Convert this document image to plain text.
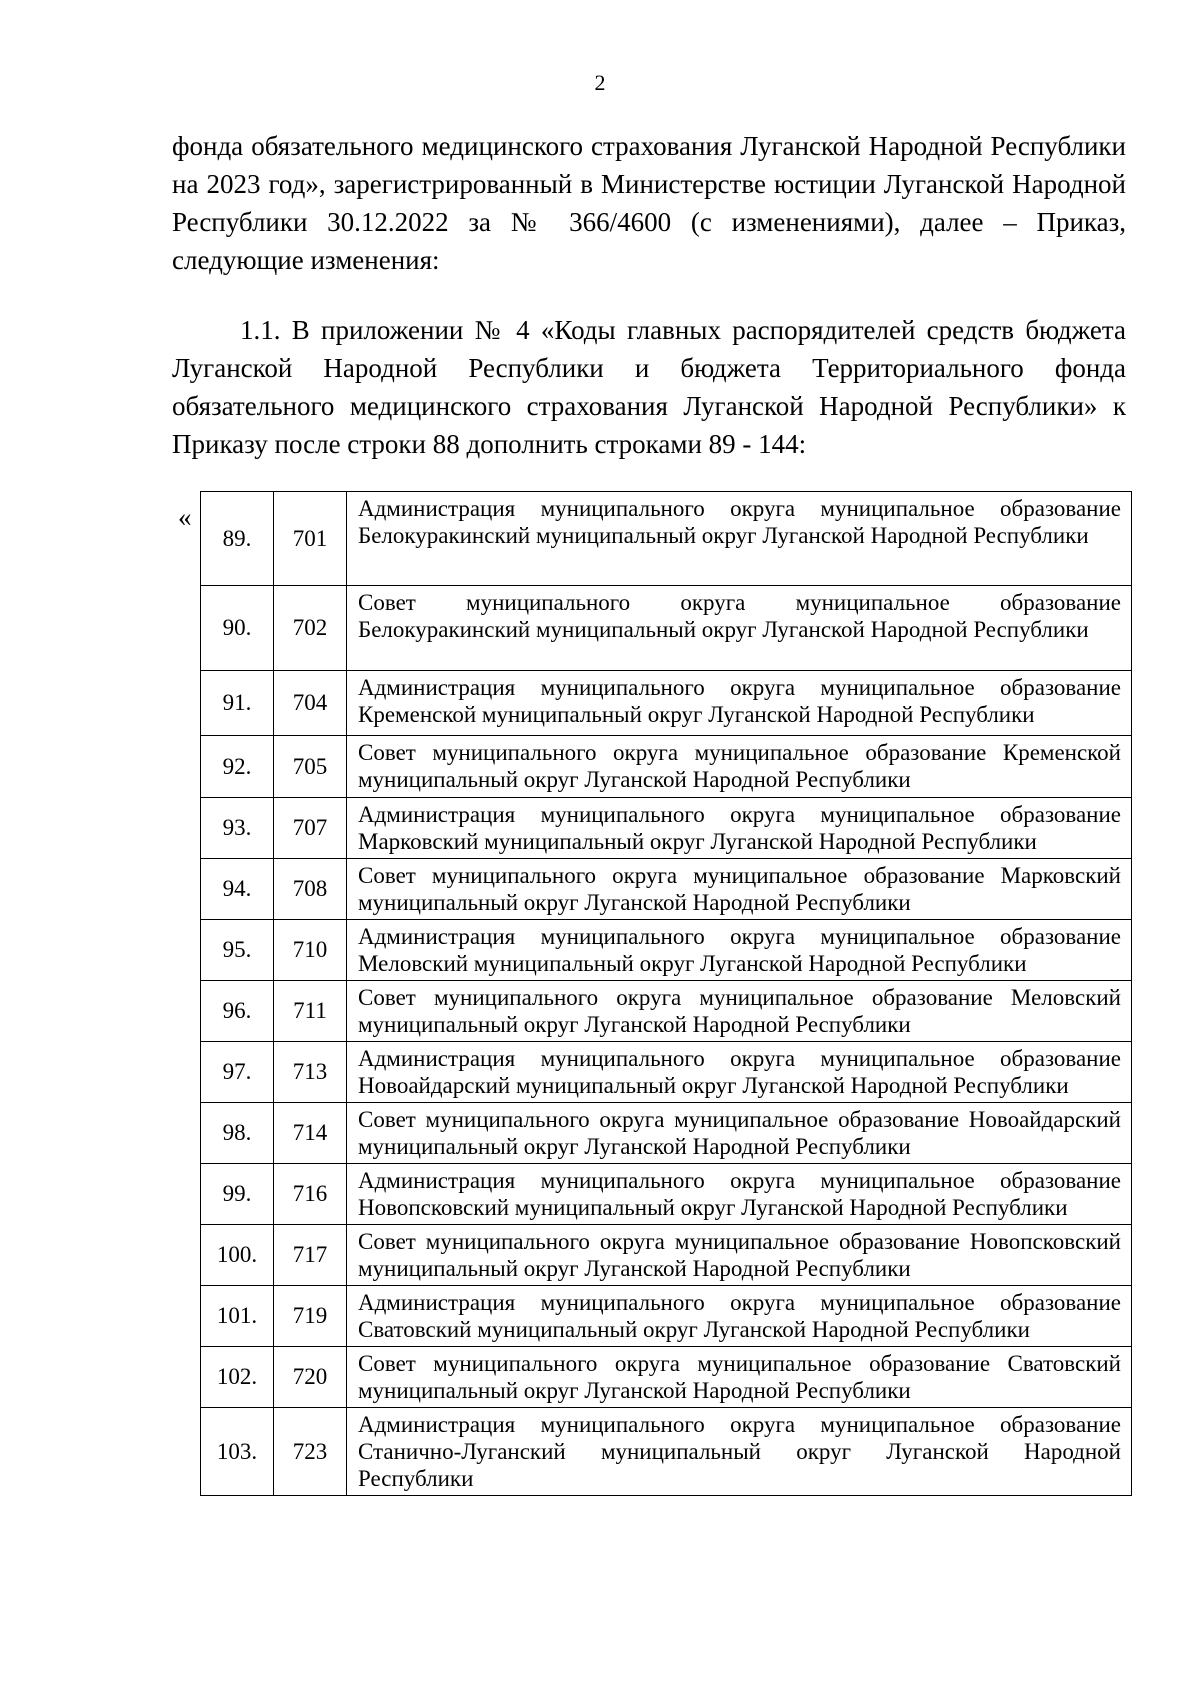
2

фонда обязательного медицинского страхования Луганской Народной Республики на 2023 год», зарегистрированный в Министерстве юстиции Луганской Народной Республики 30.12.2022 за № 366/4600 (с изменениями), далее – Приказ, следующие изменения:

1.1. В приложении № 4 «Коды главных распорядителей средств бюджета Луганской Народной Республики и бюджета Территориального фонда обязательного медицинского страхования Луганской Народной Республики» к Приказу после строки 88 дополнить строками 89 - 144:

«
89.	701	Администрация муниципального округа муниципальное образование Белокуракинский муниципальный округ Луганской Народной Республики
90.	702	Совет муниципального округа муниципальное образование Белокуракинский муниципальный округ Луганской Народной Республики
91.	704	Администрация муниципального округа муниципальное образование Кременской муниципальный округ Луганской Народной Республики
92.	705	Совет муниципального округа муниципальное образование Кременской муниципальный округ Луганской Народной Республики
93.	707	Администрация муниципального округа муниципальное образование Марковский муниципальный округ Луганской Народной Республики
94.	708	Совет муниципального округа муниципальное образование Марковский муниципальный округ Луганской Народной Республики
95.	710	Администрация муниципального округа муниципальное образование Меловский муниципальный округ Луганской Народной Республики
96.	711	Совет муниципального округа муниципальное образование Меловский муниципальный округ Луганской Народной Республики
97.	713	Администрация муниципального округа муниципальное образование Новоайдарский муниципальный округ Луганской Народной Республики
98.	714	Совет муниципального округа муниципальное образование Новоайдарский муниципальный округ Луганской Народной Республики
99.	716	Администрация муниципального округа муниципальное образование Новопсковский муниципальный округ Луганской Народной Республики
100.	717	Совет муниципального округа муниципальное образование Новопсковский муниципальный округ Луганской Народной Республики
101.	719	Администрация муниципального округа муниципальное образование Сватовский муниципальный округ Луганской Народной Республики
102.	720	Совет муниципального округа муниципальное образование Сватовский муниципальный округ Луганской Народной Республики
103.	723	Администрация муниципального округа муниципальное образование Станично-Луганский муниципальный округ Луганской Народной Республики
